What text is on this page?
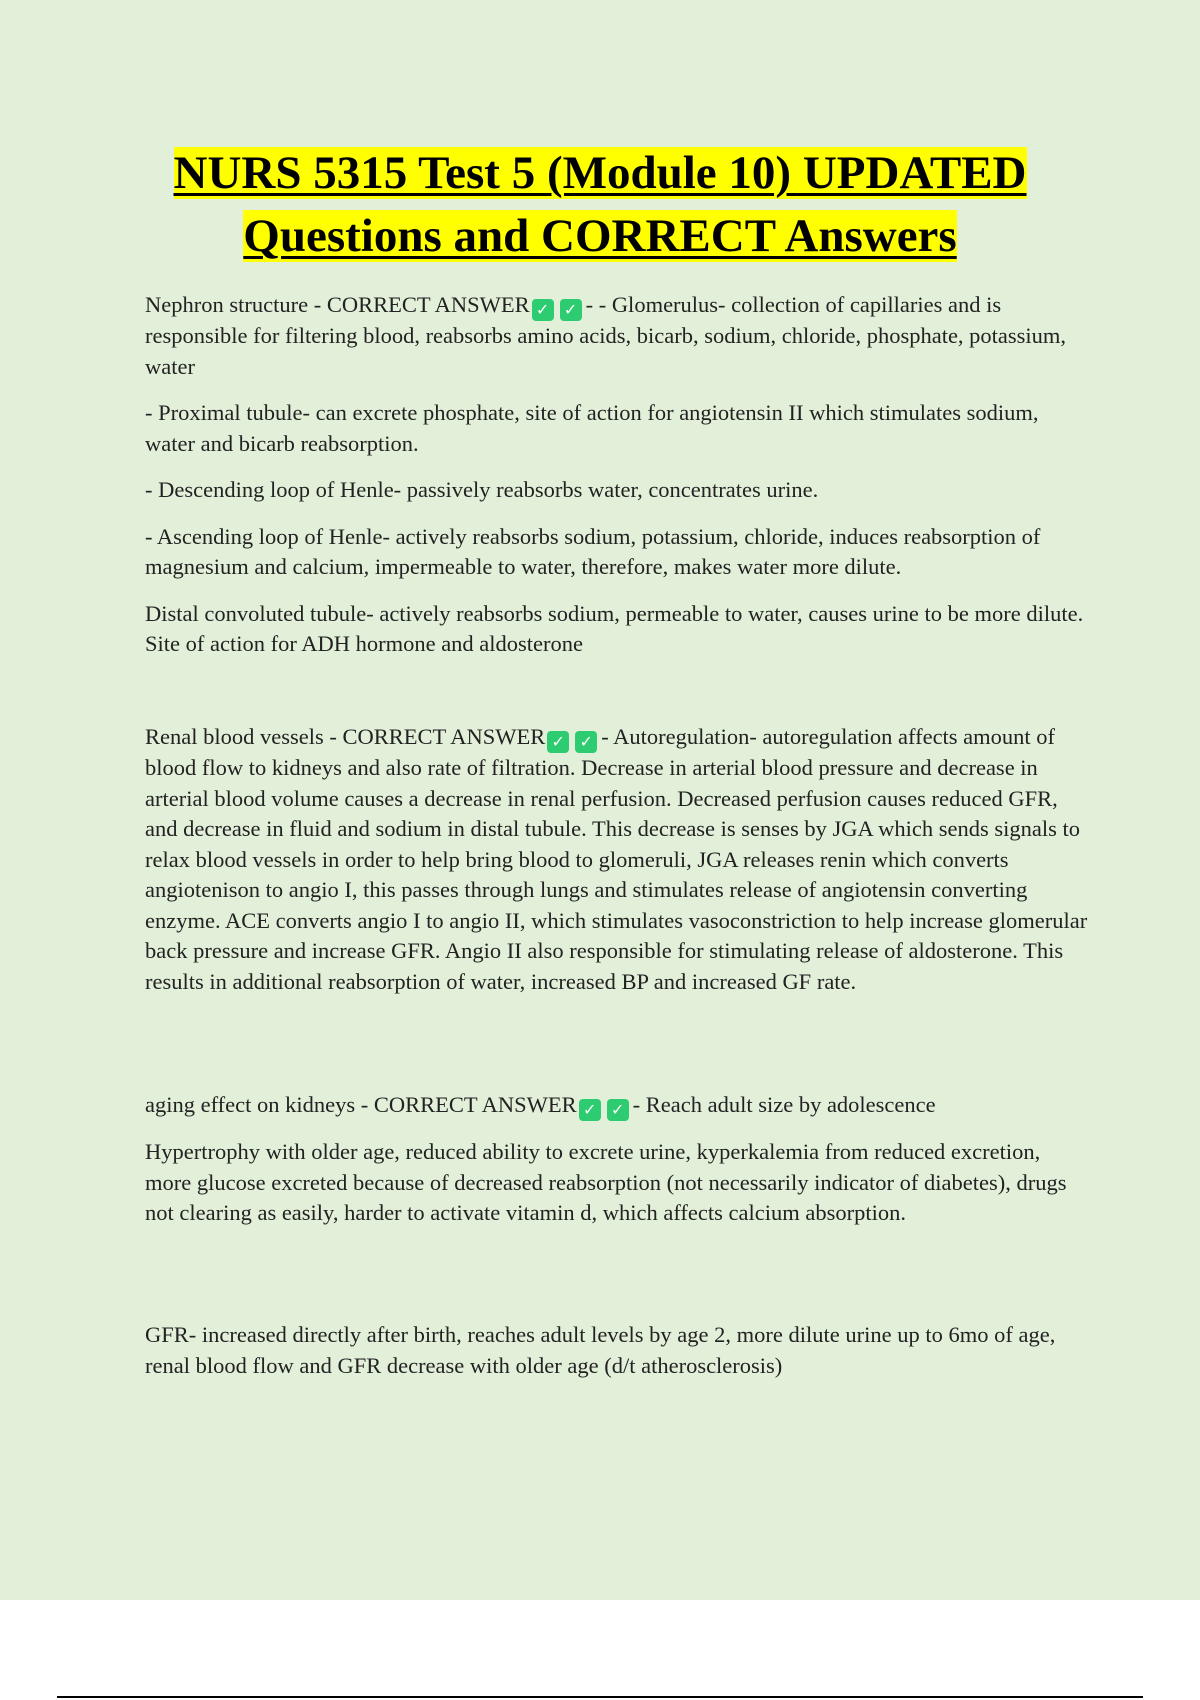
NURS 5315 Test 5 (Module 10) UPDATED
Questions and CORRECT Answers

Nephron structure - CORRECT ANSWER ✓ ✓ - - Glomerulus- collection of capillaries and is responsible for filtering blood, reabsorbs amino acids, bicarb, sodium, chloride, phosphate, potassium, water

- Proximal tubule- can excrete phosphate, site of action for angiotensin II which stimulates sodium, water and bicarb reabsorption.

- Descending loop of Henle- passively reabsorbs water, concentrates urine.

- Ascending loop of Henle- actively reabsorbs sodium, potassium, chloride, induces reabsorption of magnesium and calcium, impermeable to water, therefore, makes water more dilute.

Distal convoluted tubule- actively reabsorbs sodium, permeable to water, causes urine to be more dilute. Site of action for ADH hormone and aldosterone

Renal blood vessels - CORRECT ANSWER ✓ ✓ - Autoregulation- autoregulation affects amount of blood flow to kidneys and also rate of filtration. Decrease in arterial blood pressure and decrease in arterial blood volume causes a decrease in renal perfusion. Decreased perfusion causes reduced GFR, and decrease in fluid and sodium in distal tubule. This decrease is senses by JGA which sends signals to relax blood vessels in order to help bring blood to glomeruli, JGA releases renin which converts angiotenison to angio I, this passes through lungs and stimulates release of angiotensin converting enzyme. ACE converts angio I to angio II, which stimulates vasoconstriction to help increase glomerular back pressure and increase GFR. Angio II also responsible for stimulating release of aldosterone. This results in additional reabsorption of water, increased BP and increased GF rate.

aging effect on kidneys - CORRECT ANSWER ✓ ✓ - Reach adult size by adolescence

Hypertrophy with older age, reduced ability to excrete urine, kyperkalemia from reduced excretion, more glucose excreted because of decreased reabsorption (not necessarily indicator of diabetes), drugs not clearing as easily, harder to activate vitamin d, which affects calcium absorption.

GFR- increased directly after birth, reaches adult levels by age 2, more dilute urine up to 6mo of age, renal blood flow and GFR decrease with older age (d/t atherosclerosis)
